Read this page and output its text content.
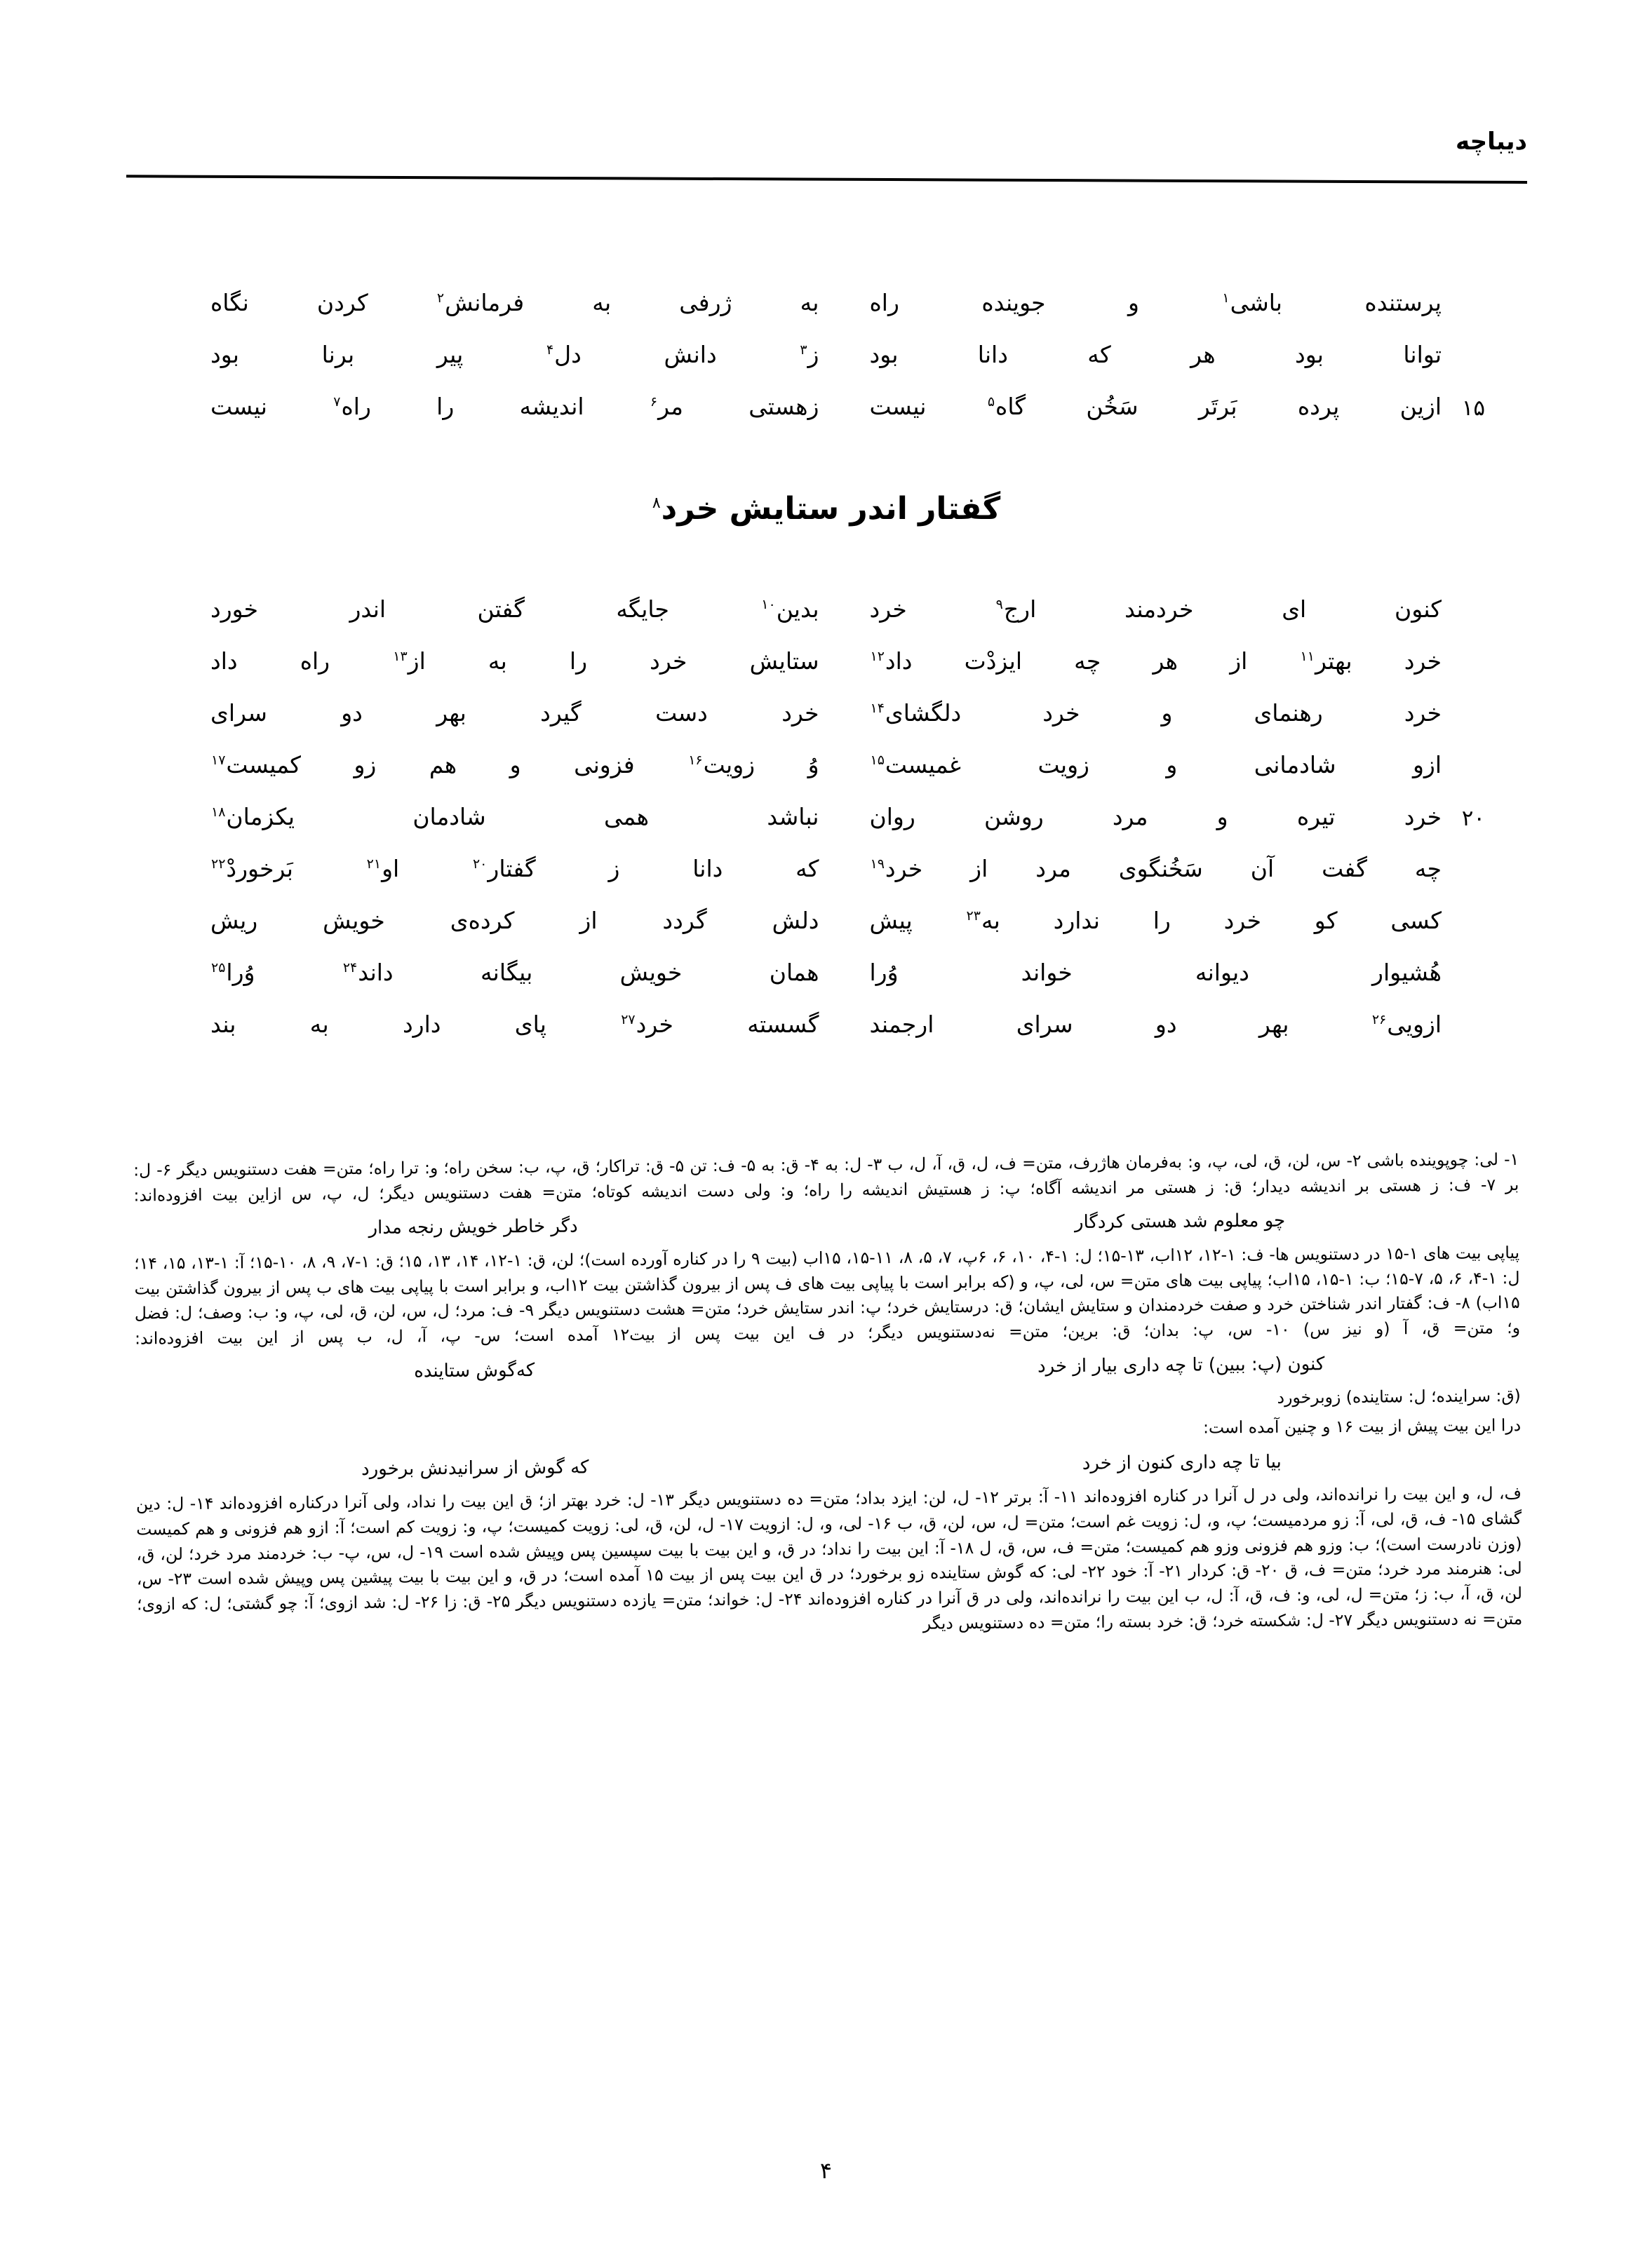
دیباچه
پرستنده باشی$^۱$ و جوینده راه
به ژرفی به فرمانش$^۲$ کردن نگاه
توانا بود هر که دانا بود
ز$^۳$ دانش دل$^۴$ پیر برنا بود
۱۵
ازین پرده بَرتَر سَخُن گاه$^۵$ نیست
زهستی مر$^۶$ اندیشه را راه$^۷$ نیست
گفتار اندر ستایش خرد$^۸$
کنون ای خردمند ارج$^۹$ خرد
بدین$^{۱۰}$ جایگه گفتن اندر خورد
خرد بهتر$^{۱۱}$ از هر چه ایزدْت داد$^{۱۲}$
ستایش خرد را به از$^{۱۳}$ راه داد
خرد رهنمای و خرد دلگشای$^{۱۴}$
خرد دست گیرد بهر دو سرای
ازو شادمانی و زویت غمیست$^{۱۵}$
وُ زویت$^{۱۶}$ فزونی و هم زو کمیست$^{۱۷}$
۲۰
خرد تیره و مرد روشن روان
نباشد همی شادمان یکزمان$^{۱۸}$
چه گفت آن سَخُنگوی مرد از خرد$^{۱۹}$
که دانا ز گفتار$^{۲۰}$ او$^{۲۱}$ بَرخوردْ$^{۲۲}$
کسی کو خرد را ندارد به$^{۲۳}$ پیش
دلش گردد از کرده‌ی خویش ریش
هُشیوار دیوانه خواند وُرا
همان خویش بیگانه داند$^{۲۴}$ وُرا$^{۲۵}$
ازویی$^{۲۶}$ بهر دو سرای ارجمند
گسسته خرد$^{۲۷}$ پای دارد به بند

۱- لی: چوپوینده باشی ۲- س، لن، ق، لی، پ، و: به‌فرمان هاژرف، متن= ف، ل، ق، آ، ل، ب ۳- ل: به ۴- ق: به ۵- ف: تن ۵- ق: تراکار؛ ق، پ، ب: سخن راه؛ و: ترا راه؛ متن= هفت دستنویس دیگر ۶- ل: بر ۷- ف: ز هستی بر اندیشه دیدار؛ ق: ز هستی مر اندیشه آگاه؛ پ: ز هستیش اندیشه را راه؛ و: ولی دست اندیشه کوتاه؛ متن= هفت دستنویس دیگر؛ ل، پ، س ازاین بیت افزوده‌اند:

چو معلوم شد هستی کردگار
دگر خاطر خویش رنجه مدار

پیاپی بیت های ۱-۱۵ در دستنویس ها- ف: ۱-۱۲، ۱۲اب، ۱۳-۱۵؛ ل: ۱-۴، ۱۰، ۶، ۶پ، ۷، ۵، ۸، ۱۱-۱۵، ۱۵اب (بیت ۹ را در کناره آورده است)؛ لن، ق: ۱-۱۲، ۱۴، ۱۳، ۱۵؛ ق: ۱-۷، ۹، ۸، ۱۰-۱۵؛ آ: ۱-۱۳، ۱۵، ۱۴؛ ل: ۱-۴، ۶، ۵، ۷-۱۵؛ ب: ۱-۱۵، ۱۵اب؛ پیاپی بیت های متن= س، لی، پ، و (که برابر است با پیاپی بیت های ف پس از بیرون گذاشتن بیت ۱۲اب، و برابر است با پیاپی بیت های ب پس از بیرون گذاشتن بیت ۱۵اب) ۸- ف: گفتار اندر شناختن خرد و صفت خردمندان و ستایش ایشان؛ ق: درستایش خرد؛ پ: اندر ستایش خرد؛ متن= هشت دستنویس دیگر ۹- ف: مرد؛ ل، س، لن، ق، لی، پ، و: ب: وصف؛ ل: فضل و؛ متن= ق، آ (و نیز س) ۱۰- س، پ: بدان؛ ق: برین؛ متن= نه‌دستنویس دیگر؛ در ف این بیت پس از بیت۱۲ آمده است؛ س- پ، آ، ل، ب پس از این بیت افزوده‌اند:

کنون (پ: ببین) تا چه داری بیار از خرد
که‌گوش ستاینده

(ق: سراینده؛ ل: ستاینده) زو‌برخورد

درا این بیت پیش از بیت ۱۶ و چنین آمده است:

بیا تا چه داری کنون از خرد
که گوش از سرانیدنش برخورد

ف، ل، و این بیت را نرانده‌اند، ولی در ل آنرا در کناره افزوده‌اند ۱۱- آ: برتر ۱۲- ل، لن: ایزد بداد؛ متن= ده دستنویس دیگر ۱۳- ل: خرد بهتر از؛ ق این بیت را نداد، ولی آنرا درکناره افزوده‌اند ۱۴- ل: دین گشای ۱۵- ف، ق، لی، آ: زو مردمیست؛ پ، و، ل: زویت غم است؛ متن= ل، س، لن، ق، ب ۱۶- لی، و، ل: ازویت ۱۷- ل، لن، ق، لی: زویت کمیست؛ پ، و: زویت کم است؛ آ: ازو هم فزونی و هم کمیست (وزن نادرست است)؛ ب: وزو هم فزونی وزو هم کمیست؛ متن= ف، س، ق، ل ۱۸- آ: این بیت را نداد؛ در ق، و این بیت با بیت سپسین پس وپیش شده است ۱۹- ل، س، پ- ب: خردمند مرد خرد؛ لن، ق، لی: هنرمند مرد خرد؛ متن= ف، ق ۲۰- ق: کردار ۲۱- آ: خود ۲۲- لی: که گوش ستاینده زو برخورد؛ در ق این بیت پس از بیت ۱۵ آمده است؛ در ق، و این بیت با بیت پیشین پس وپیش شده است ۲۳- س، لن، ق، آ، ب: ز؛ متن= ل، لی، و: ف، ق، آ: ل، ب این بیت را نرانده‌اند، ولی در ق آنرا در کناره افزوده‌اند ۲۴- ل: خواند؛ متن= یازده دستنویس دیگر ۲۵- ق: زا ۲۶- ل: شد ازوی؛ آ: چو گشتی؛ ل: که ازوی؛ متن= نه دستنویس دیگر ۲۷- ل: شکسته خرد؛ ق: خرد بسته را؛ متن= ده دستنویس دیگر

۴
